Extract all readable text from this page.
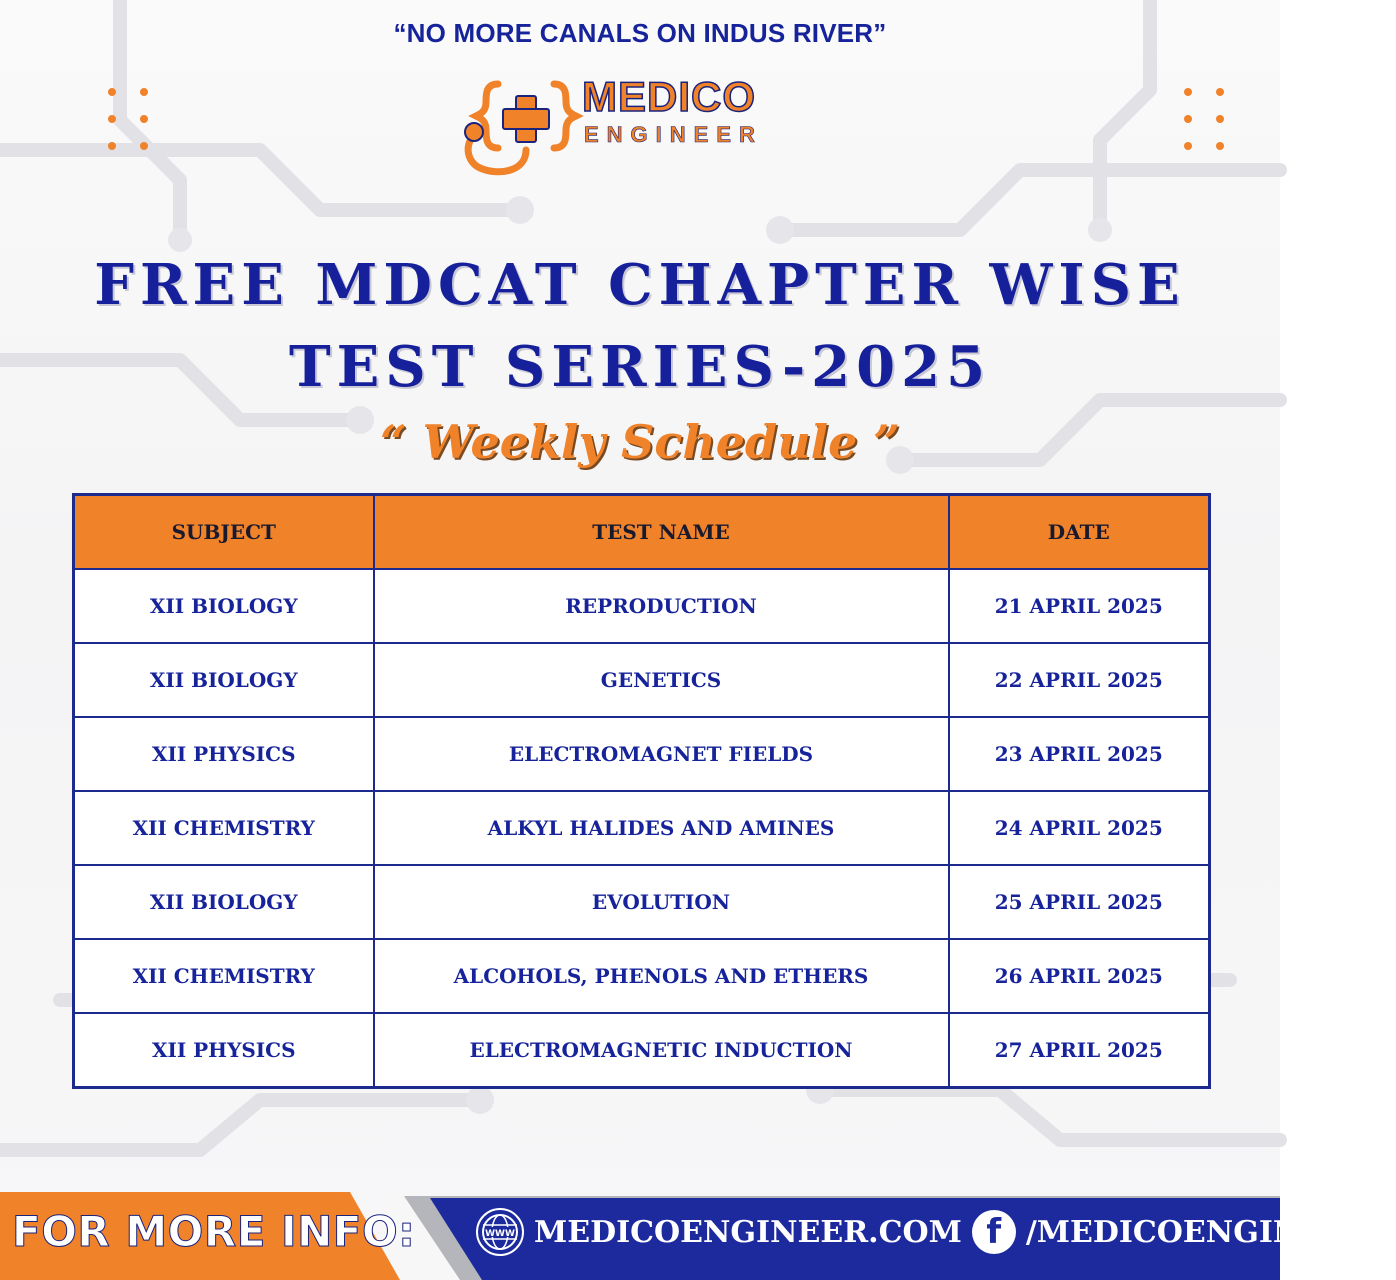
“NO MORE CANALS ON INDUS RIVER”
MEDICO
ENGINEER
FREE MDCAT CHAPTER WISE
TEST SERIES-2025
“ Weekly Schedule ”
SUBJECT	TEST NAME	DATE
XII BIOLOGY	REPRODUCTION	21 APRIL 2025
XII BIOLOGY	GENETICS	22 APRIL 2025
XII PHYSICS	ELECTROMAGNET FIELDS	23 APRIL 2025
XII CHEMISTRY	ALKYL HALIDES AND AMINES	24 APRIL 2025
XII BIOLOGY	EVOLUTION	25 APRIL 2025
XII CHEMISTRY	ALCOHOLS, PHENOLS AND ETHERS	26 APRIL 2025
XII PHYSICS	ELECTROMAGNETIC INDUCTION	27 APRIL 2025
FOR MORE INFO:	WWW MEDICOENGINEER.COM f /MEDICOENGINEERR
